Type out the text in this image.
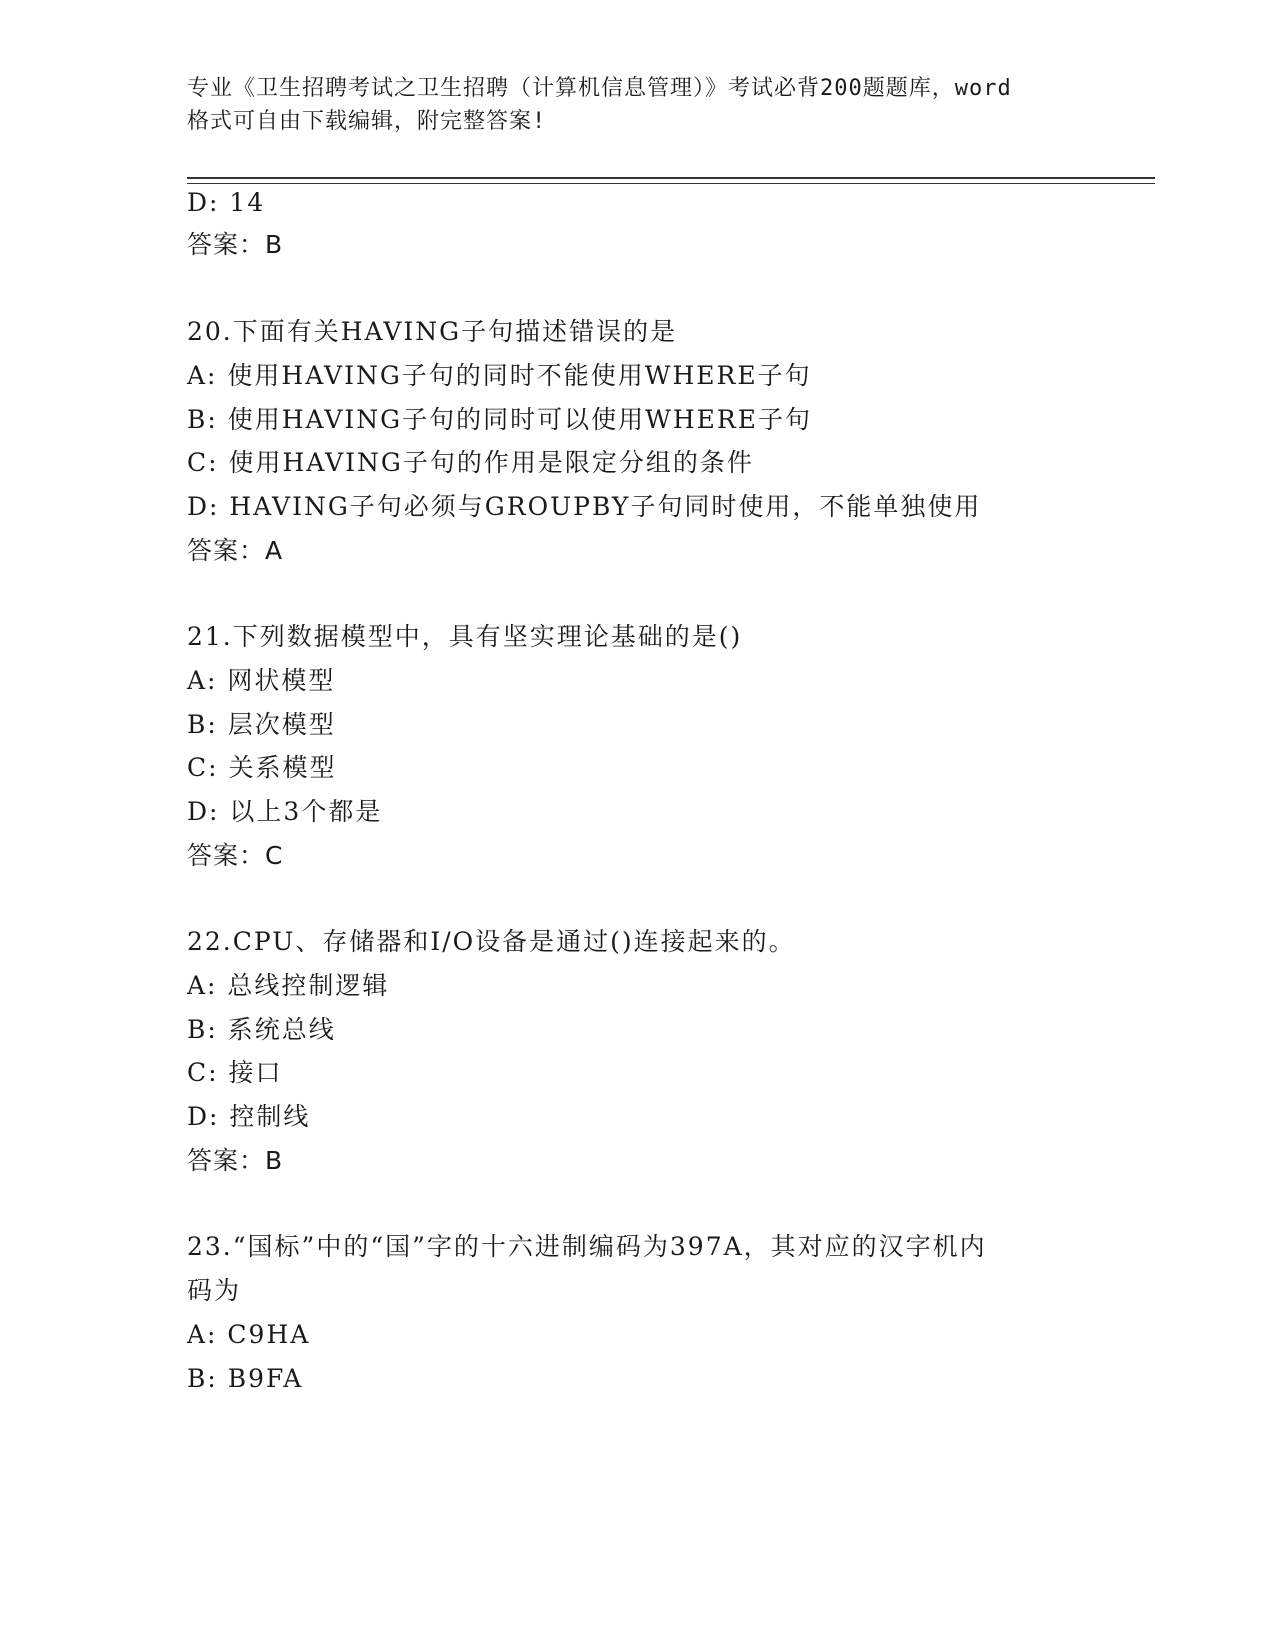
专业《卫生招聘考试之卫生招聘（计算机信息管理）》考试必背200题题库，word
格式可自由下载编辑，附完整答案!
D: 14
答案：B
20.下面有关HAVING子句描述错误的是
A: 使用HAVING子句的同时不能使用WHERE子句
B: 使用HAVING子句的同时可以使用WHERE子句
C: 使用HAVING子句的作用是限定分组的条件
D: HAVING子句必须与GROUPBY子句同时使用，不能单独使用
答案：A
21.下列数据模型中，具有坚实理论基础的是()
A: 网状模型
B: 层次模型
C: 关系模型
D: 以上3个都是
答案：C
22.CPU、存储器和I/O设备是通过()连接起来的。
A: 总线控制逻辑
B: 系统总线
C: 接口
D: 控制线
答案：B
23.“国标”中的“国”字的十六进制编码为397A，其对应的汉字机内
码为
A: C9HA
B: B9FA
